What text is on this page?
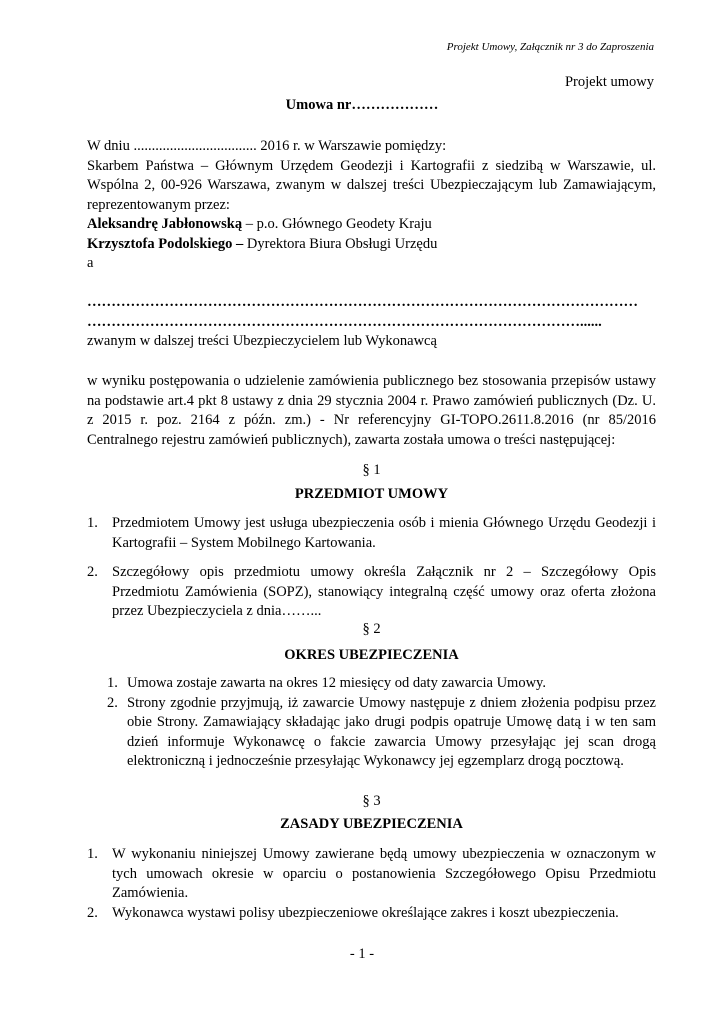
Projekt Umowy, Załącznik nr 3 do Zaproszenia
Projekt umowy
Umowa nr………………
W dniu .................................. 2016 r. w Warszawie pomiędzy:
Skarbem Państwa – Głównym Urzędem Geodezji i Kartografii z siedzibą w Warszawie, ul. Wspólna 2, 00-926 Warszawa, zwanym w dalszej treści Ubezpieczającym lub Zamawiającym, reprezentowanym przez:
Aleksandrę Jabłonowską – p.o. Głównego Geodety Kraju
Krzysztofa Podolskiego – Dyrektora Biura Obsługi Urzędu
a
……………………………………………………………………………………………………
…………………………………………………………………………………………......
zwanym w dalszej treści Ubezpieczycielem lub Wykonawcą
w wyniku postępowania o udzielenie zamówienia publicznego bez stosowania przepisów ustawy na podstawie art.4 pkt 8 ustawy z dnia 29 stycznia 2004 r. Prawo zamówień publicznych (Dz. U. z 2015 r. poz. 2164 z późn. zm.) - Nr referencyjny GI-TOPO.2611.8.2016 (nr 85/2016 Centralnego rejestru zamówień publicznych), zawarta została umowa o treści następującej:
§ 1
PRZEDMIOT UMOWY
1. Przedmiotem Umowy jest usługa ubezpieczenia osób i mienia Głównego Urzędu Geodezji i Kartografii – System Mobilnego Kartowania.
2. Szczegółowy opis przedmiotu umowy określa Załącznik nr 2 – Szczegółowy Opis Przedmiotu Zamówienia (SOPZ), stanowiący integralną część umowy oraz oferta złożona przez Ubezpieczyciela z dnia……...
§ 2
OKRES UBEZPIECZENIA
1. Umowa zostaje zawarta na okres 12 miesięcy od daty zawarcia Umowy.
2. Strony zgodnie przyjmują, iż zawarcie Umowy następuje z dniem złożenia podpisu przez obie Strony. Zamawiający składając jako drugi podpis opatruje Umowę datą i w ten sam dzień informuje Wykonawcę o fakcie zawarcia Umowy przesyłając jej scan drogą elektroniczną i jednocześnie przesyłając Wykonawcy jej egzemplarz drogą pocztową.
§ 3
ZASADY UBEZPIECZENIA
1. W wykonaniu niniejszej Umowy zawierane będą umowy ubezpieczenia w oznaczonym w tych umowach okresie w oparciu o postanowienia Szczegółowego Opisu Przedmiotu Zamówienia.
2. Wykonawca wystawi polisy ubezpieczeniowe określające zakres i koszt ubezpieczenia.
- 1 -
